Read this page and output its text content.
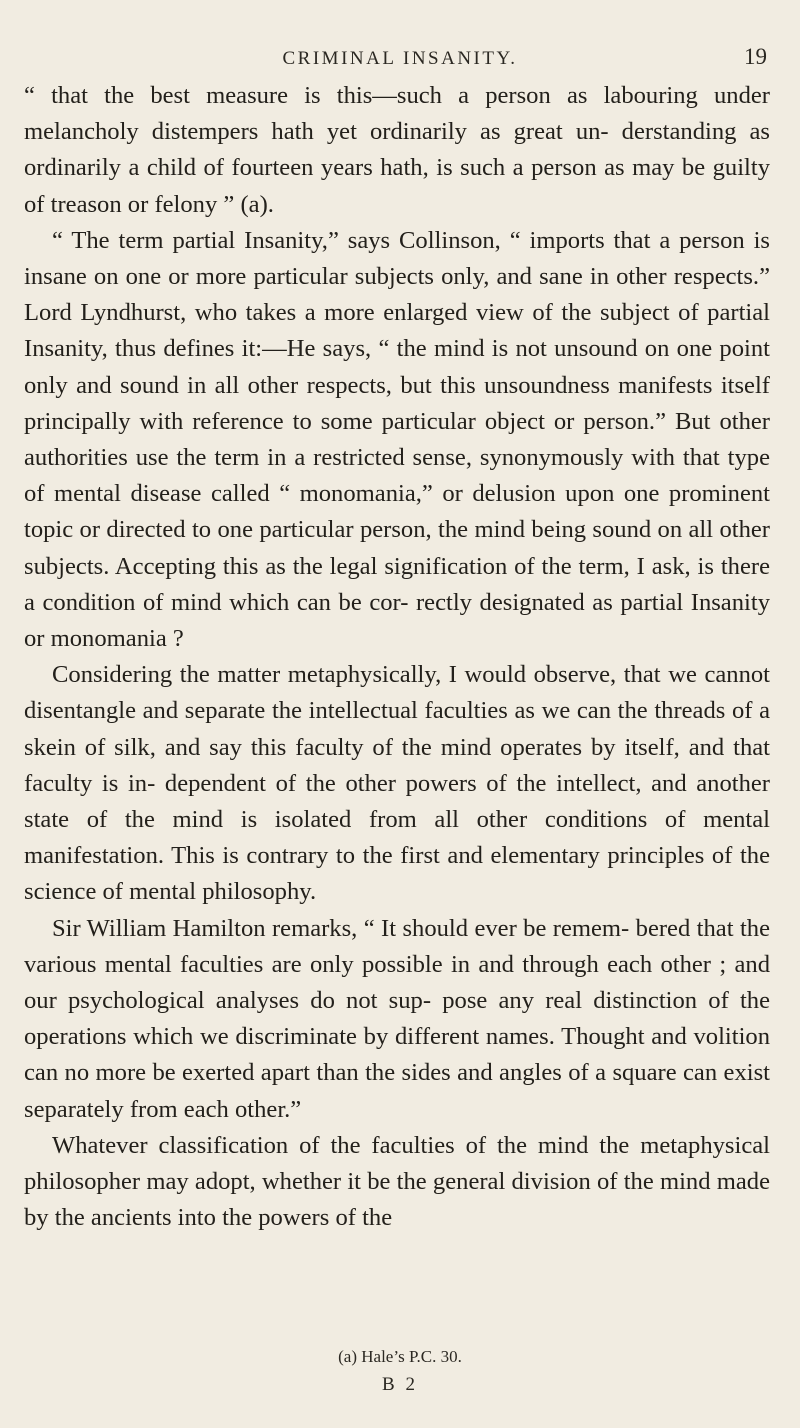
CRIMINAL INSANITY.	19

“ that the best measure is this—such a person as labouring under melancholy distempers hath yet ordinarily as great un- derstanding as ordinarily a child of fourteen years hath, is such a person as may be guilty of treason or felony ” (a).

“ The term partial Insanity,” says Collinson, “ imports that a person is insane on one or more particular subjects only, and sane in other respects.” Lord Lyndhurst, who takes a more enlarged view of the subject of partial Insanity, thus defines it:—He says, “ the mind is not unsound on one point only and sound in all other respects, but this unsoundness manifests itself principally with reference to some particular object or person.” But other authorities use the term in a restricted sense, synonymously with that type of mental disease called “ monomania,” or delusion upon one prominent topic or directed to one particular person, the mind being sound on all other subjects. Accepting this as the legal signification of the term, I ask, is there a condition of mind which can be cor- rectly designated as partial Insanity or monomania ?

Considering the matter metaphysically, I would observe, that we cannot disentangle and separate the intellectual faculties as we can the threads of a skein of silk, and say this faculty of the mind operates by itself, and that faculty is in- dependent of the other powers of the intellect, and another state of the mind is isolated from all other conditions of mental manifestation. This is contrary to the first and elementary principles of the science of mental philosophy.

Sir William Hamilton remarks, “ It should ever be remem- bered that the various mental faculties are only possible in and through each other ; and our psychological analyses do not sup- pose any real distinction of the operations which we discriminate by different names. Thought and volition can no more be exerted apart than the sides and angles of a square can exist separately from each other.”

Whatever classification of the faculties of the mind the metaphysical philosopher may adopt, whether it be the general division of the mind made by the ancients into the powers of the

(a) Hale’s P.C. 30.
B 2
